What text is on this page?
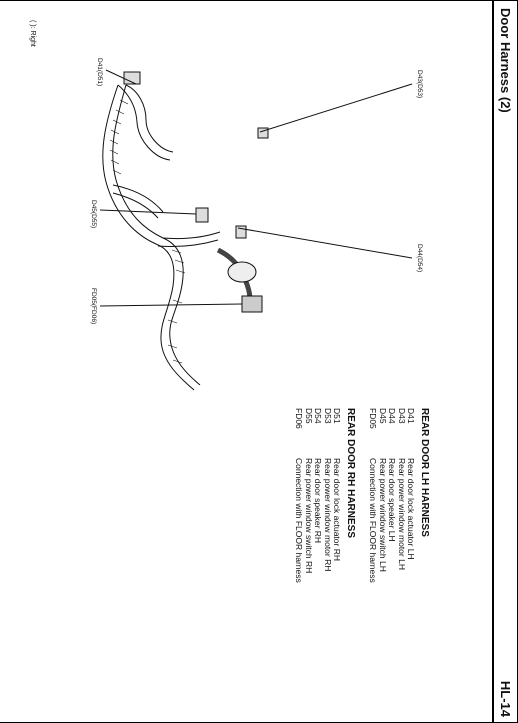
Door Harness (2)
HL-14
D41(D51)	D43(D53)
D45(D55)
D44(D54)
FD05(FD06)
( ): Right
REAR DOOR LH HARNESS
D41
Rear door lock actuator LH
D43
Rear power window motor LH
D44
Rear door speaker LH
D45
Rear power window switch LH
FD05
Connection with FLOOR harness
REAR DOOR RH HARNESS
D51
Rear door lock actuator RH
D53
Rear power window motor RH
D54
Rear door speaker RH
D55
Rear power window switch RH
FD06
Connection with FLOOR harness
